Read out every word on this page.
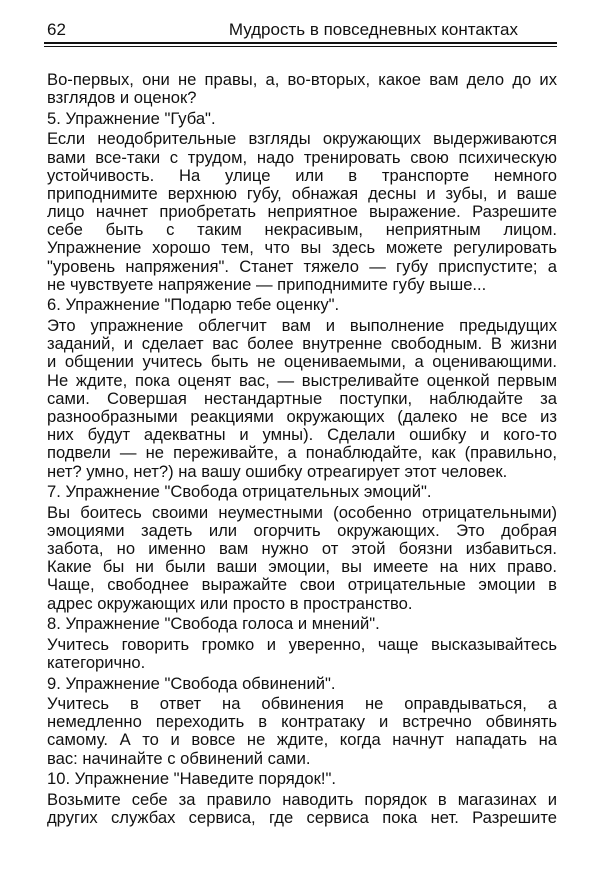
62	Мудрость в повседневных контактах
Во-первых, они не правы, а, во-вторых, какое вам дело до их
взглядов и оценок?
5. Упражнение "Губа".
Если неодобрительные взгляды окружающих выдерживаются
вами все-таки с трудом, надо тренировать свою психическую
устойчивость. На улице или в транспорте немного
приподнимите верхнюю губу, обнажая десны и зубы, и ваше
лицо начнет приобретать неприятное выражение. Разрешите
себе быть с таким некрасивым, неприятным лицом.
Упражнение хорошо тем, что вы здесь можете регулировать
"уровень напряжения". Станет тяжело — губу приспустите; а
не чувствуете напряжение — приподнимите губу выше...
6. Упражнение "Подарю тебе оценку".
Это упражнение облегчит вам и выполнение предыдущих
заданий, и сделает вас более внутренне свободным. В жизни
и общении учитесь быть не оцениваемыми, а оценивающими.
Не ждите, пока оценят вас, — выстреливайте оценкой первым
сами. Совершая нестандартные поступки, наблюдайте за
разнообразными реакциями окружающих (далеко не все из
них будут адекватны и умны). Сделали ошибку и кого-то
подвели — не переживайте, а понаблюдайте, как (правильно,
нет? умно, нет?) на вашу ошибку отреагирует этот человек.
7. Упражнение "Свобода отрицательных эмоций".
Вы боитесь своими неуместными (особенно отрицательными)
эмоциями задеть или огорчить окружающих. Это добрая
забота, но именно вам нужно от этой боязни избавиться.
Какие бы ни были ваши эмоции, вы имеете на них право.
Чаще, свободнее выражайте свои отрицательные эмоции в
адрес окружающих или просто в пространство.
8. Упражнение "Свобода голоса и мнений".
Учитесь говорить громко и уверенно, чаще высказывайтесь
категорично.
9. Упражнение "Свобода обвинений".
Учитесь в ответ на обвинения не оправдываться, а
немедленно переходить в контратаку и встречно обвинять
самому. А то и вовсе не ждите, когда начнут нападать на
вас: начинайте с обвинений сами.
10. Упражнение "Наведите порядок!".
Возьмите себе за правило наводить порядок в магазинах и
других службах сервиса, где сервиса пока нет. Разрешите
